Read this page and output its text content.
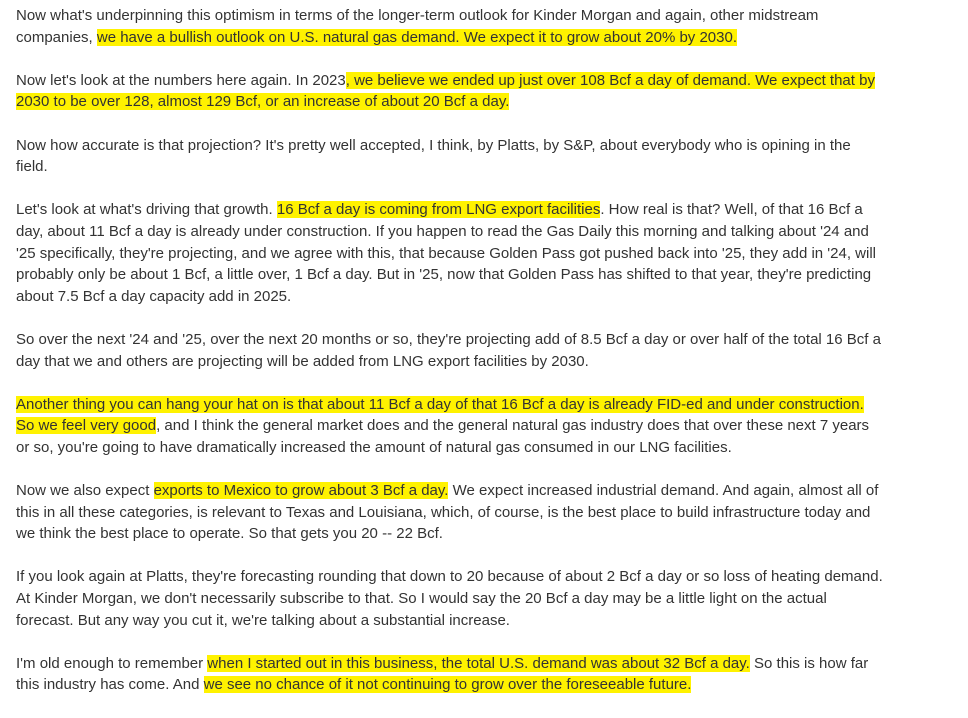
Now what's underpinning this optimism in terms of the longer-term outlook for Kinder Morgan and again, other midstream companies, we have a bullish outlook on U.S. natural gas demand. We expect it to grow about 20% by 2030.

Now let's look at the numbers here again. In 2023, we believe we ended up just over 108 Bcf a day of demand. We expect that by 2030 to be over 128, almost 129 Bcf, or an increase of about 20 Bcf a day.

Now how accurate is that projection? It's pretty well accepted, I think, by Platts, by S&P, about everybody who is opining in the field.

Let's look at what's driving that growth. 16 Bcf a day is coming from LNG export facilities. How real is that? Well, of that 16 Bcf a day, about 11 Bcf a day is already under construction. If you happen to read the Gas Daily this morning and talking about '24 and '25 specifically, they're projecting, and we agree with this, that because Golden Pass got pushed back into '25, they add in '24, will probably only be about 1 Bcf, a little over, 1 Bcf a day. But in '25, now that Golden Pass has shifted to that year, they're predicting about 7.5 Bcf a day capacity add in 2025.

So over the next '24 and '25, over the next 20 months or so, they're projecting add of 8.5 Bcf a day or over half of the total 16 Bcf a day that we and others are projecting will be added from LNG export facilities by 2030.

Another thing you can hang your hat on is that about 11 Bcf a day of that 16 Bcf a day is already FID-ed and under construction. So we feel very good, and I think the general market does and the general natural gas industry does that over these next 7 years or so, you're going to have dramatically increased the amount of natural gas consumed in our LNG facilities.

Now we also expect exports to Mexico to grow about 3 Bcf a day. We expect increased industrial demand. And again, almost all of this in all these categories, is relevant to Texas and Louisiana, which, of course, is the best place to build infrastructure today and we think the best place to operate. So that gets you 20 -- 22 Bcf.

If you look again at Platts, they're forecasting rounding that down to 20 because of about 2 Bcf a day or so loss of heating demand. At Kinder Morgan, we don't necessarily subscribe to that. So I would say the 20 Bcf a day may be a little light on the actual forecast. But any way you cut it, we're talking about a substantial increase.

I'm old enough to remember when I started out in this business, the total U.S. demand was about 32 Bcf a day. So this is how far this industry has come. And we see no chance of it not continuing to grow over the foreseeable future.
